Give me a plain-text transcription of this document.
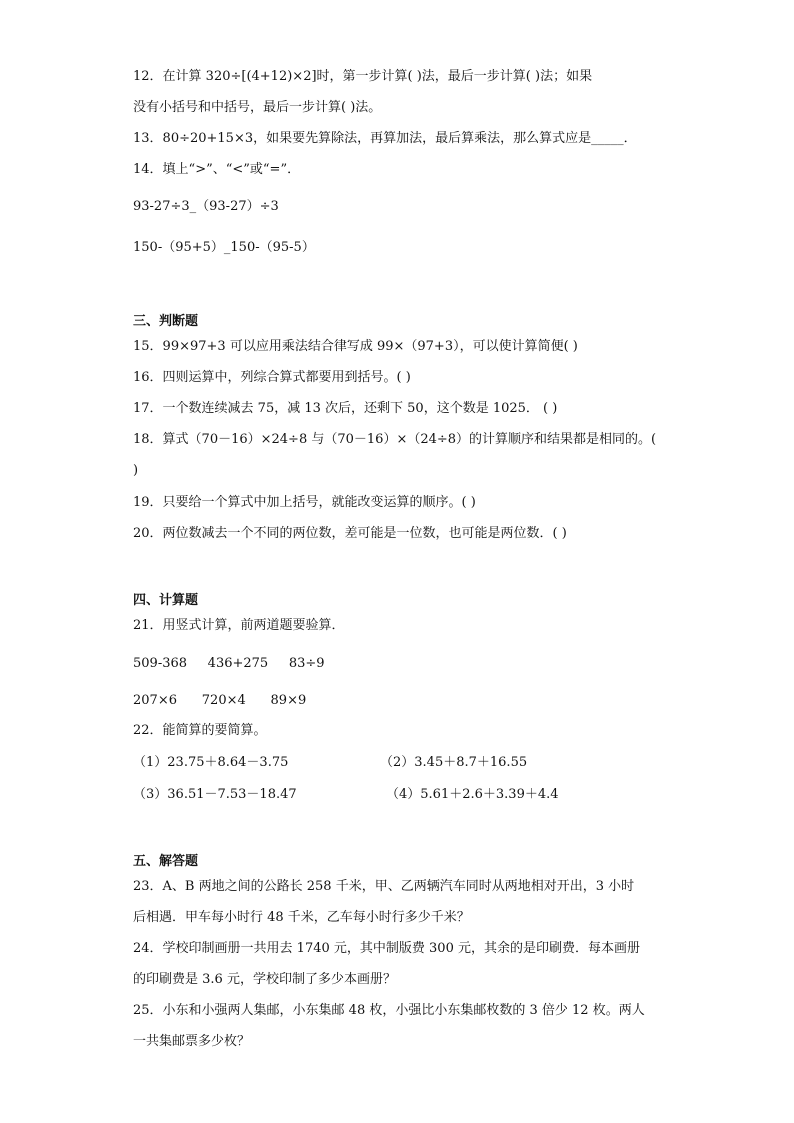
12．在计算 320÷[(4+12)×2]时，第一步计算( )法，最后一步计算( )法；如果
没有小括号和中括号，最后一步计算( )法。
13．80÷20+15×3，如果要先算除法，再算加法，最后算乘法，那么算式应是_____．
14．填上“>”、“<”或“=”．
93-27÷3_（93-27）÷3
150-（95+5）_150-（95-5）
三、判断题
15．99×97+3 可以应用乘法结合律写成 99×（97+3），可以使计算简便( )
16．四则运算中，列综合算式都要用到括号。( )
17．一个数连续减去 75，减 13 次后，还剩下 50，这个数是 1025． ( )
18．算式（70－16）×24÷8 与（70－16）×（24÷8）的计算顺序和结果都是相同的。(
)
19．只要给一个算式中加上括号，就能改变运算的顺序。( )
20．两位数减去一个不同的两位数，差可能是一位数，也可能是两位数．( )
四、计算题
21．用竖式计算，前两道题要验算．
509-368     436+275     83÷9
207×6      720×4      89×9
22．能简算的要简算。
（1）23.75＋8.64－3.75	（2）3.45＋8.7＋16.55
（3）36.51－7.53－18.47	（4）5.61＋2.6＋3.39＋4.4
五、解答题
23．A、B 两地之间的公路长 258 千米，甲、乙两辆汽车同时从两地相对开出，3 小时
后相遇．甲车每小时行 48 千米，乙车每小时行多少千米？
24．学校印制画册一共用去 1740 元，其中制版费 300 元，其余的是印刷费．每本画册
的印刷费是 3.6 元，学校印制了多少本画册？
25．小东和小强两人集邮，小东集邮 48 枚，小强比小东集邮枚数的 3 倍少 12 枚。两人
一共集邮票多少枚？
